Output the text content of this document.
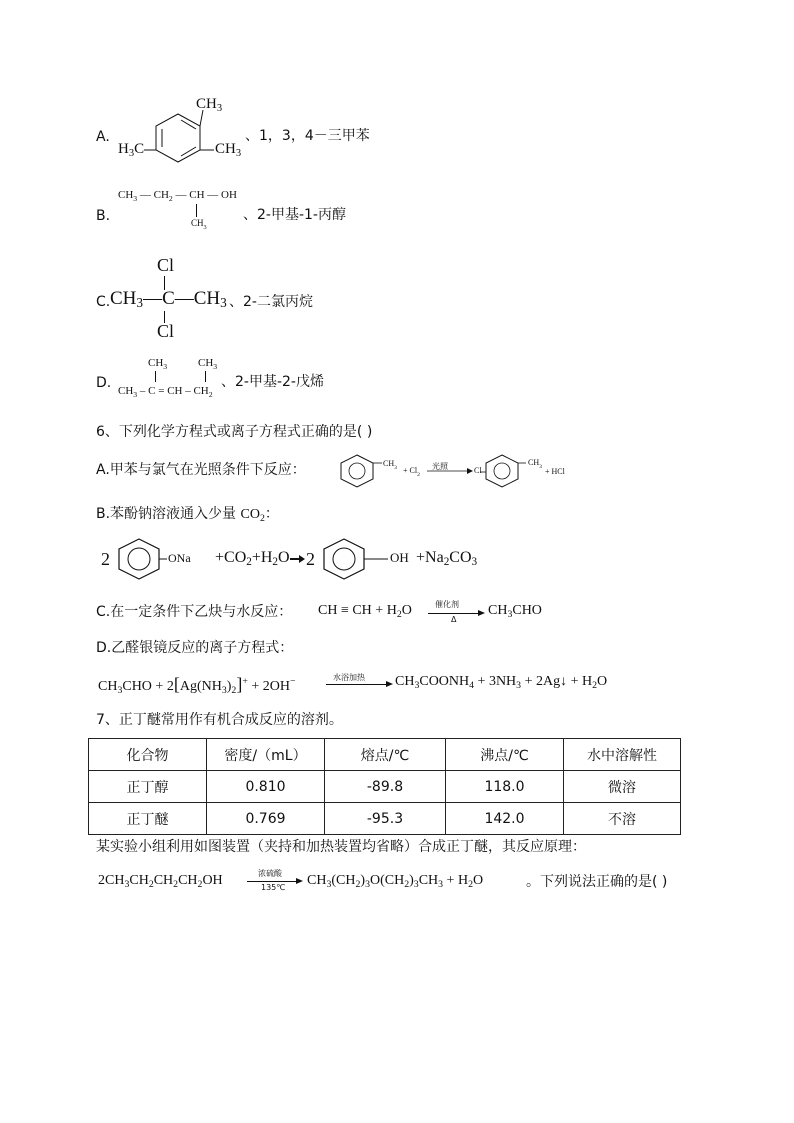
A.
$CH_3$
$H_3C$	$CH_3$
、1，3，4－三甲苯
B.
$CH_3$ — $CH_2$ — CH — OH
$CH_3$
、2-甲基-1-丙醇
Cl
C. $CH_3—C—CH_3$
Cl
、2-二氯丙烷
$CH_3$	$CH_3$
D. $CH_3$ – C = CH – $CH_2$
、2-甲基-2-戊烯
6、下列化学方程式或离子方程式正确的是( )
A.甲苯与氯气在光照条件下反应：	$CH_3 + Cl_2$
光照	Cl
$CH_3$ + HCl
B.苯酚钠溶液通入少量 $CO_2$：
2	ONa $+CO_2+H_2O$ 2	OH $+Na_2CO_3$
C.在一定条件下乙炔与水反应： CH ≡ CH + $H_2O$	催化剂
Δ
$CH_3CHO$
D.乙醛银镜反应的离子方程式：
$CH_3CHO + 2[Ag(NH_3)_2]^+ + 2OH^-$	水浴加热 $CH_3COONH_4 + 3NH_3$ + 2Ag↓ + $H_2O$
7、正丁醚常用作有机合成反应的溶剂。
化合物	密度/（mL）	熔点/℃	沸点/℃	水中溶解性
正丁醇	0.810	-89.8	118.0	微溶
正丁醚	0.769	-95.3	142.0	不溶
某实验小组利用如图装置（夹持和加热装置均省略）合成正丁醚，其反应原理：
$2CH_3CH_2CH_2CH_2OH$	浓硫酸
135℃ $CH_3(CH_2)_3O(CH_2)_3CH_3 + H_2O$	。下列说法正确的是( )
